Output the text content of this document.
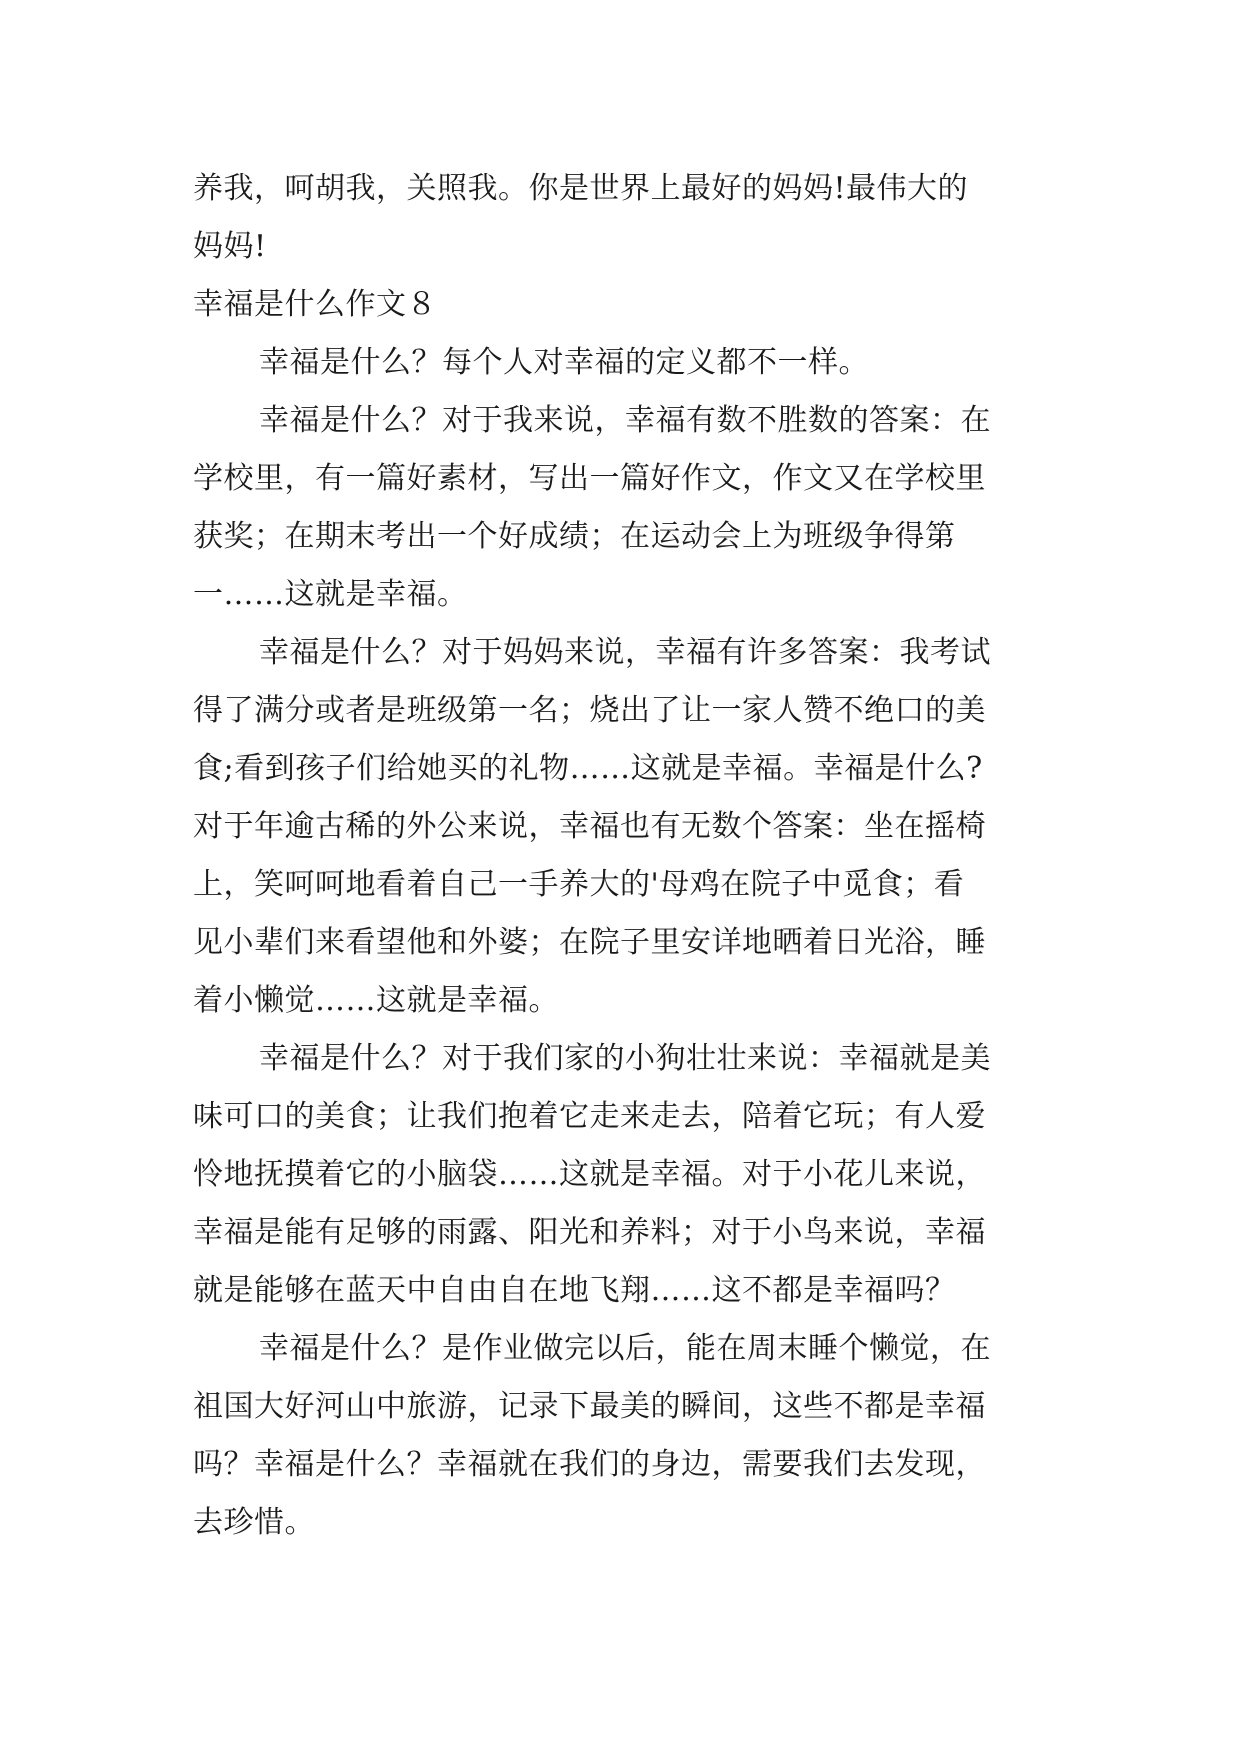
养我，呵胡我，关照我。你是世界上最好的妈妈!最伟大的
妈妈!
幸福是什么作文８
幸福是什么？每个人对幸福的定义都不一样。
幸福是什么？对于我来说，幸福有数不胜数的答案：在
学校里，有一篇好素材，写出一篇好作文，作文又在学校里
获奖；在期末考出一个好成绩；在运动会上为班级争得第
一……这就是幸福。
幸福是什么？对于妈妈来说，幸福有许多答案：我考试
得了满分或者是班级第一名；烧出了让一家人赞不绝口的美
食;看到孩子们给她买的礼物……这就是幸福。幸福是什么?
对于年逾古稀的外公来说，幸福也有无数个答案：坐在摇椅
上，笑呵呵地看着自己一手养大的'母鸡在院子中觅食；看
见小辈们来看望他和外婆；在院子里安详地晒着日光浴，睡
着小懒觉……这就是幸福。
幸福是什么？对于我们家的小狗壮壮来说：幸福就是美
味可口的美食；让我们抱着它走来走去，陪着它玩；有人爱
怜地抚摸着它的小脑袋……这就是幸福。对于小花儿来说，
幸福是能有足够的雨露、阳光和养料；对于小鸟来说，幸福
就是能够在蓝天中自由自在地飞翔……这不都是幸福吗？
幸福是什么？是作业做完以后，能在周末睡个懒觉，在
祖国大好河山中旅游，记录下最美的瞬间，这些不都是幸福
吗？幸福是什么？幸福就在我们的身边，需要我们去发现，
去珍惜。
